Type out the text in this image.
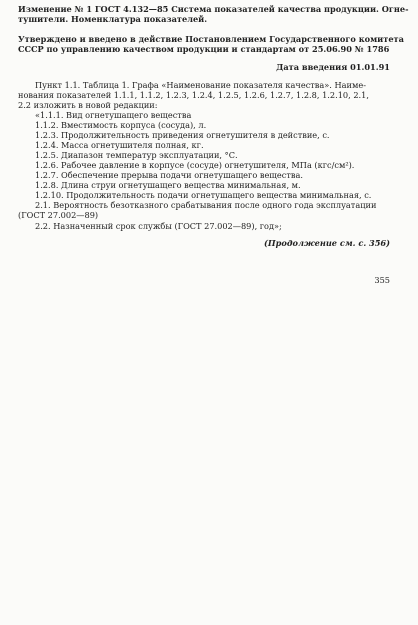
Изменение № 1 ГОСТ 4.132—85 Система показателей качества продукции. Огне-
тушители. Номенклатура показателей.
Утверждено и введено в действие Постановлением Государственного комитета
СССР по управлению качеством продукции и стандартам от 25.06.90 № 1786
Дата введения 01.01.91
Пункт 1.1. Таблица 1. Графа «Наименование показателя качества». Наиме-
нования показателей 1.1.1, 1.1.2, 1.2.3, 1.2.4, 1.2.5, 1.2.6, 1.2.7, 1.2.8, 1.2.10, 2.1,
2.2 изложить в новой редакции:
«1.1.1. Вид огнетушащего вещества
1.1.2. Вместимость корпуса (сосуда), л.
1.2.3. Продолжительность приведения огнетушителя в действие, с.
1.2.4. Масса огнетушителя полная, кг.
1.2.5. Диапазон температур эксплуатации, °С.
1.2.6. Рабочее давление в корпусе (сосуде) огнетушителя, МПа (кгс/см²).
1.2.7. Обеспечение прерыва подачи огнетушащего вещества.
1.2.8. Длина струи огнетушащего вещества минимальная, м.
1.2.10. Продолжительность подачи огнетушащего вещества минимальная, с.
2.1. Вероятность безотказного срабатывания после одного года эксплуатации
(ГОСТ 27.002—89)
2.2. Назначенный срок службы (ГОСТ 27.002—89), год»;
(Продолжение см. с. 356)
355
